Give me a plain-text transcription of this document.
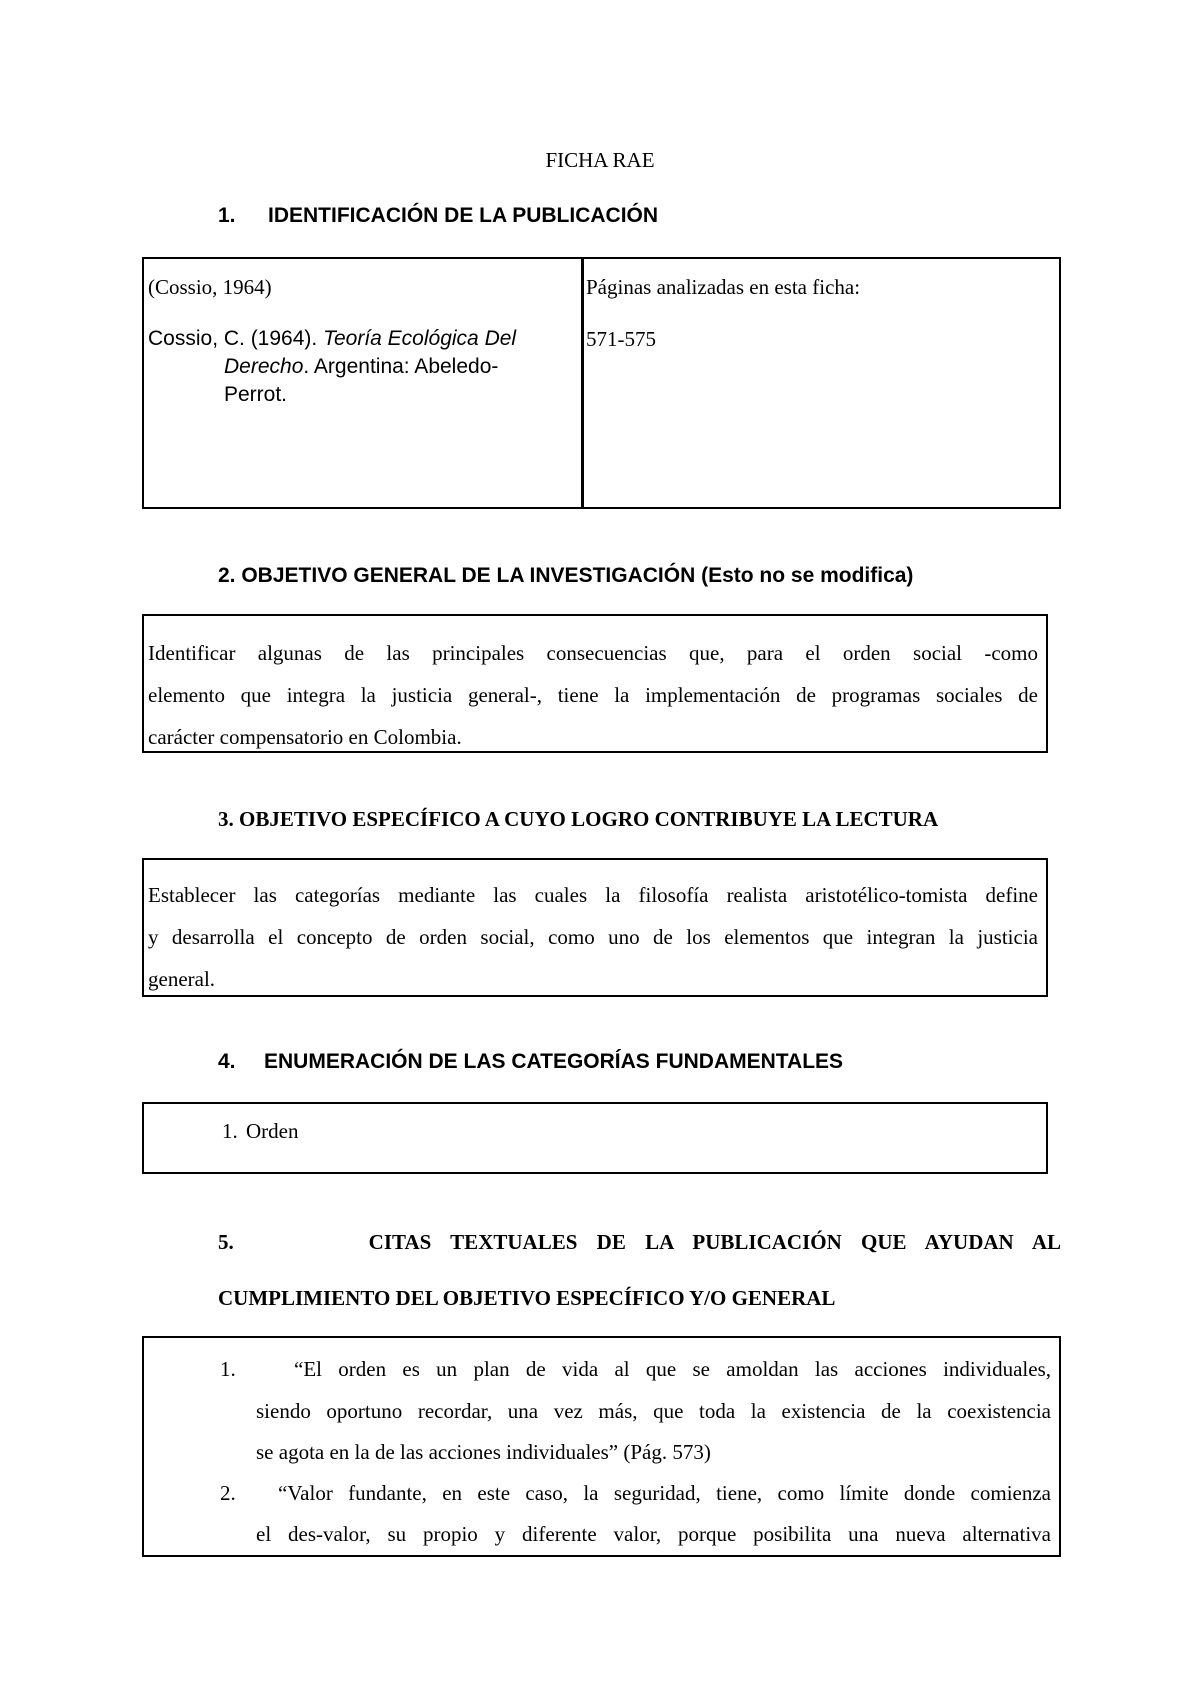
FICHA RAE
1. IDENTIFICACIÓN DE LA PUBLICACIÓN
(Cossio, 1964)
Cossio, C. (1964). Teoría Ecológica Del
Derecho. Argentina: Abeledo-
Perrot.
Páginas analizadas en esta ficha:
571-575
2. OBJETIVO GENERAL DE LA INVESTIGACIÓN (Esto no se modifica)
Identificar algunas de las principales consecuencias que, para el orden social -como
elemento que integra la justicia general-, tiene la implementación de programas sociales de
carácter compensatorio en Colombia.
3. OBJETIVO ESPECÍFICO A CUYO LOGRO CONTRIBUYE LA LECTURA
Establecer las categorías mediante las cuales la filosofía realista aristotélico-tomista define
y desarrolla el concepto de orden social, como uno de los elementos que integran la justicia
general.
4. ENUMERACIÓN DE LAS CATEGORÍAS FUNDAMENTALES
1. Orden
5.       CITAS TEXTUALES DE LA PUBLICACIÓN QUE AYUDAN AL
CUMPLIMIENTO DEL OBJETIVO ESPECÍFICO Y/O GENERAL
1.	“El orden es un plan de vida al que se amoldan las acciones individuales,
siendo oportuno recordar, una vez más, que toda la existencia de la coexistencia
se agota en la de las acciones individuales” (Pág. 573)
2. “Valor fundante, en este caso, la seguridad, tiene, como límite donde comienza
el des-valor, su propio y diferente valor, porque posibilita una nueva alternativa
